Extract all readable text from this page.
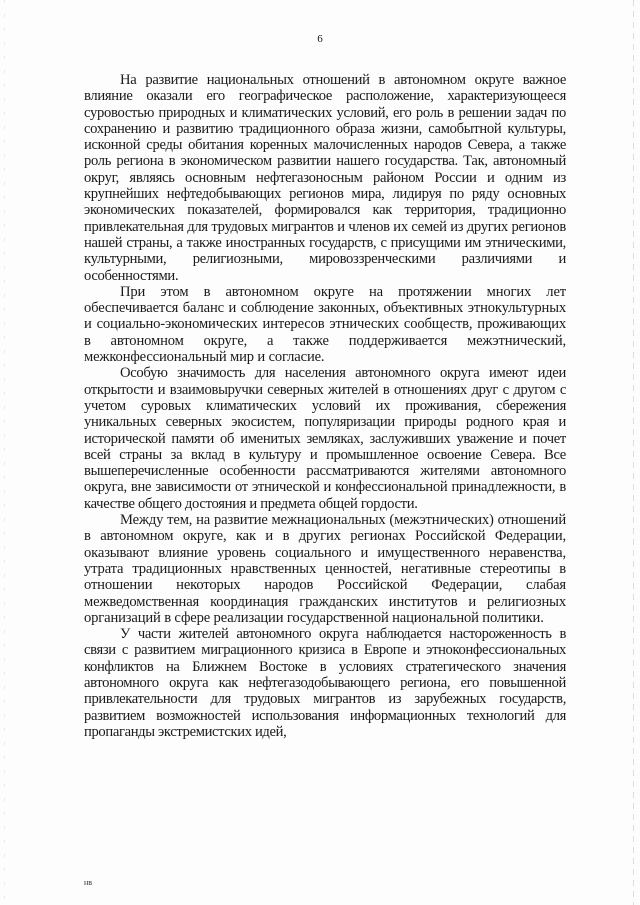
6

На развитие национальных отношений в автономном округе важное влияние оказали его географическое расположение, характеризующееся суровостью природных и климатических условий, его роль в решении задач по сохранению и развитию традиционного образа жизни, самобытной культуры, исконной среды обитания коренных малочисленных народов Севера, а также роль региона в экономическом развитии нашего государства. Так, автономный округ, являясь основным нефтегазоносным районом России и одним из крупнейших нефтедобывающих регионов мира, лидируя по ряду основных экономических показателей, формировался как территория, традиционно привлекательная для трудовых мигрантов и членов их семей из других регионов нашей страны, а также иностранных государств, с присущими им этническими, культурными, религиозными, мировоззренческими различиями и особенностями.

При этом в автономном округе на протяжении многих лет обеспечивается баланс и соблюдение законных, объективных этнокультурных и социально-экономических интересов этнических сообществ, проживающих в автономном округе, а также поддерживается межэтнический, межконфессиональный мир и согласие.

Особую значимость для населения автономного округа имеют идеи открытости и взаимовыручки северных жителей в отношениях друг с другом с учетом суровых климатических условий их проживания, сбережения уникальных северных экосистем, популяризации природы родного края и исторической памяти об именитых земляках, заслуживших уважение и почет всей страны за вклад в культуру и промышленное освоение Севера. Все вышеперечисленные особенности рассматриваются жителями автономного округа, вне зависимости от этнической и конфессиональной принадлежности, в качестве общего достояния и предмета общей гордости.

Между тем, на развитие межнациональных (межэтнических) отношений в автономном округе, как и в других регионах Российской Федерации, оказывают влияние уровень социального и имущественного неравенства, утрата традиционных нравственных ценностей, негативные стереотипы в отношении некоторых народов Российской Федерации, слабая межведомственная координация гражданских институтов и религиозных организаций в сфере реализации государственной национальной политики.

У части жителей автономного округа наблюдается настороженность в связи с развитием миграционного кризиса в Европе и этноконфессиональных конфликтов на Ближнем Востоке в условиях стратегического значения автономного округа как нефтегазодобывающего региона, его повышенной привлекательности для трудовых мигрантов из зарубежных государств, развитием возможностей использования информационных технологий для пропаганды экстремистских идей,

нв
